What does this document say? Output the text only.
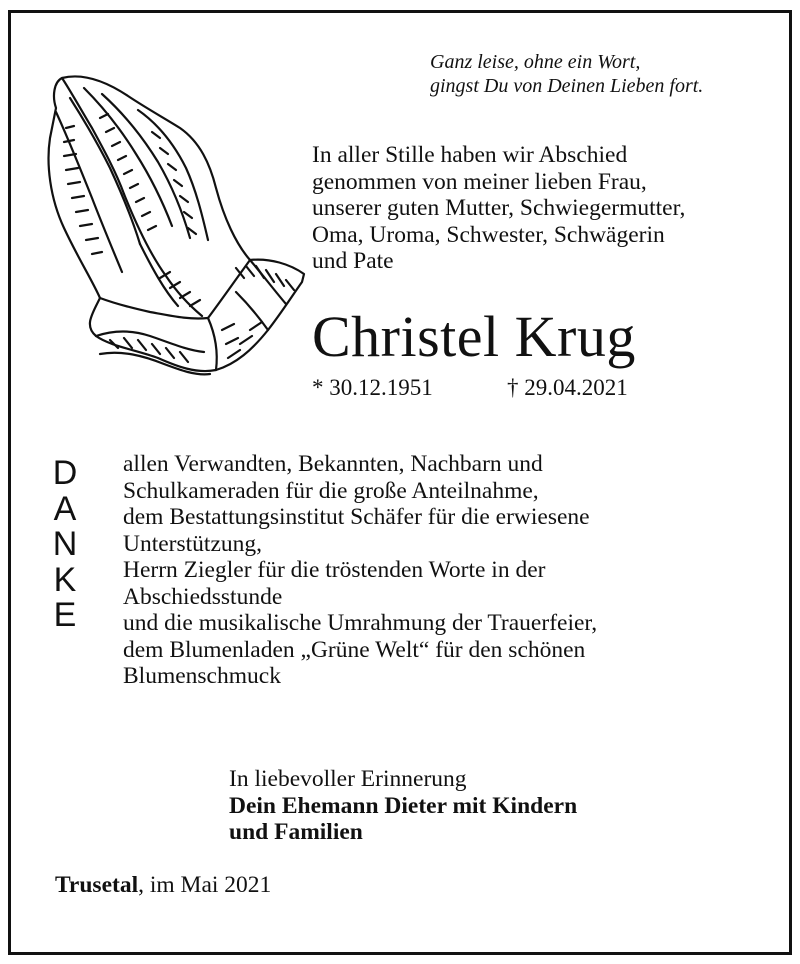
Ganz leise, ohne ein Wort,
gingst Du von Deinen Lieben fort.
In aller Stille haben wir Abschied
genommen von meiner lieben Frau,
unserer guten Mutter, Schwiegermutter,
Oma, Uroma, Schwester, Schwägerin
und Pate
Christel Krug
* 30.12.1951	† 29.04.2021
D
A
N
K
E
allen Verwandten, Bekannten, Nachbarn und
Schulkameraden für die große Anteilnahme,
dem Bestattungsinstitut Schäfer für die erwiesene
Unterstützung,
Herrn Ziegler für die tröstenden Worte in der
Abschiedsstunde
und die musikalische Umrahmung der Trauerfeier,
dem Blumenladen „Grüne Welt“ für den schönen
Blumenschmuck
In liebevoller Erinnerung
Dein Ehemann Dieter mit Kindern
und Familien
Trusetal, im Mai 2021
